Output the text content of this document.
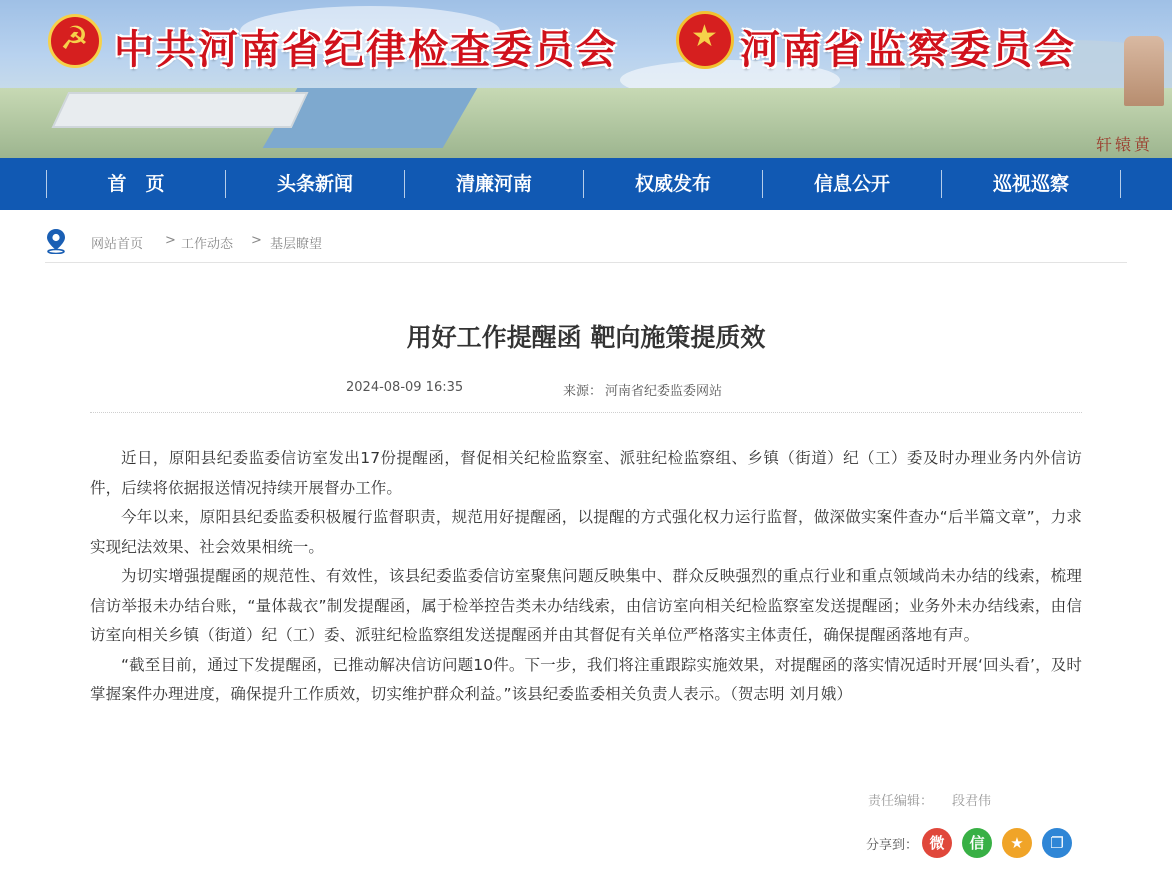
轩辕黄
☭ 中共河南省纪律检查委员会 ★ 河南省监察委员会
首　页	头条新闻	清廉河南	权威发布	信息公开	巡视巡察
网站首页 > 工作动态 > 基层瞭望
用好工作提醒函 靶向施策提质效
2024-08-09 16:35	来源： 河南省纪委监委网站

近日，原阳县纪委监委信访室发出17份提醒函，督促相关纪检监察室、派驻纪检监察组、乡镇（街道）纪（工）委及时办理业务内外信访件，后续将依据报送情况持续开展督办工作。

今年以来，原阳县纪委监委积极履行监督职责，规范用好提醒函，以提醒的方式强化权力运行监督，做深做实案件查办“后半篇文章”，力求实现纪法效果、社会效果相统一。

为切实增强提醒函的规范性、有效性，该县纪委监委信访室聚焦问题反映集中、群众反映强烈的重点行业和重点领域尚未办结的线索，梳理信访举报未办结台账，“量体裁衣”制发提醒函，属于检举控告类未办结线索，由信访室向相关纪检监察室发送提醒函；业务外未办结线索，由信访室向相关乡镇（街道）纪（工）委、派驻纪检监察组发送提醒函并由其督促有关单位严格落实主体责任，确保提醒函落地有声。

“截至目前，通过下发提醒函，已推动解决信访问题10件。下一步，我们将注重跟踪实施效果，对提醒函的落实情况适时开展‘回头看’，及时掌握案件办理进度，确保提升工作质效，切实维护群众利益。”该县纪委监委相关负责人表示。（贺志明 刘月娥）

责任编辑： 段君伟
分享到： 微	信	★	❐
